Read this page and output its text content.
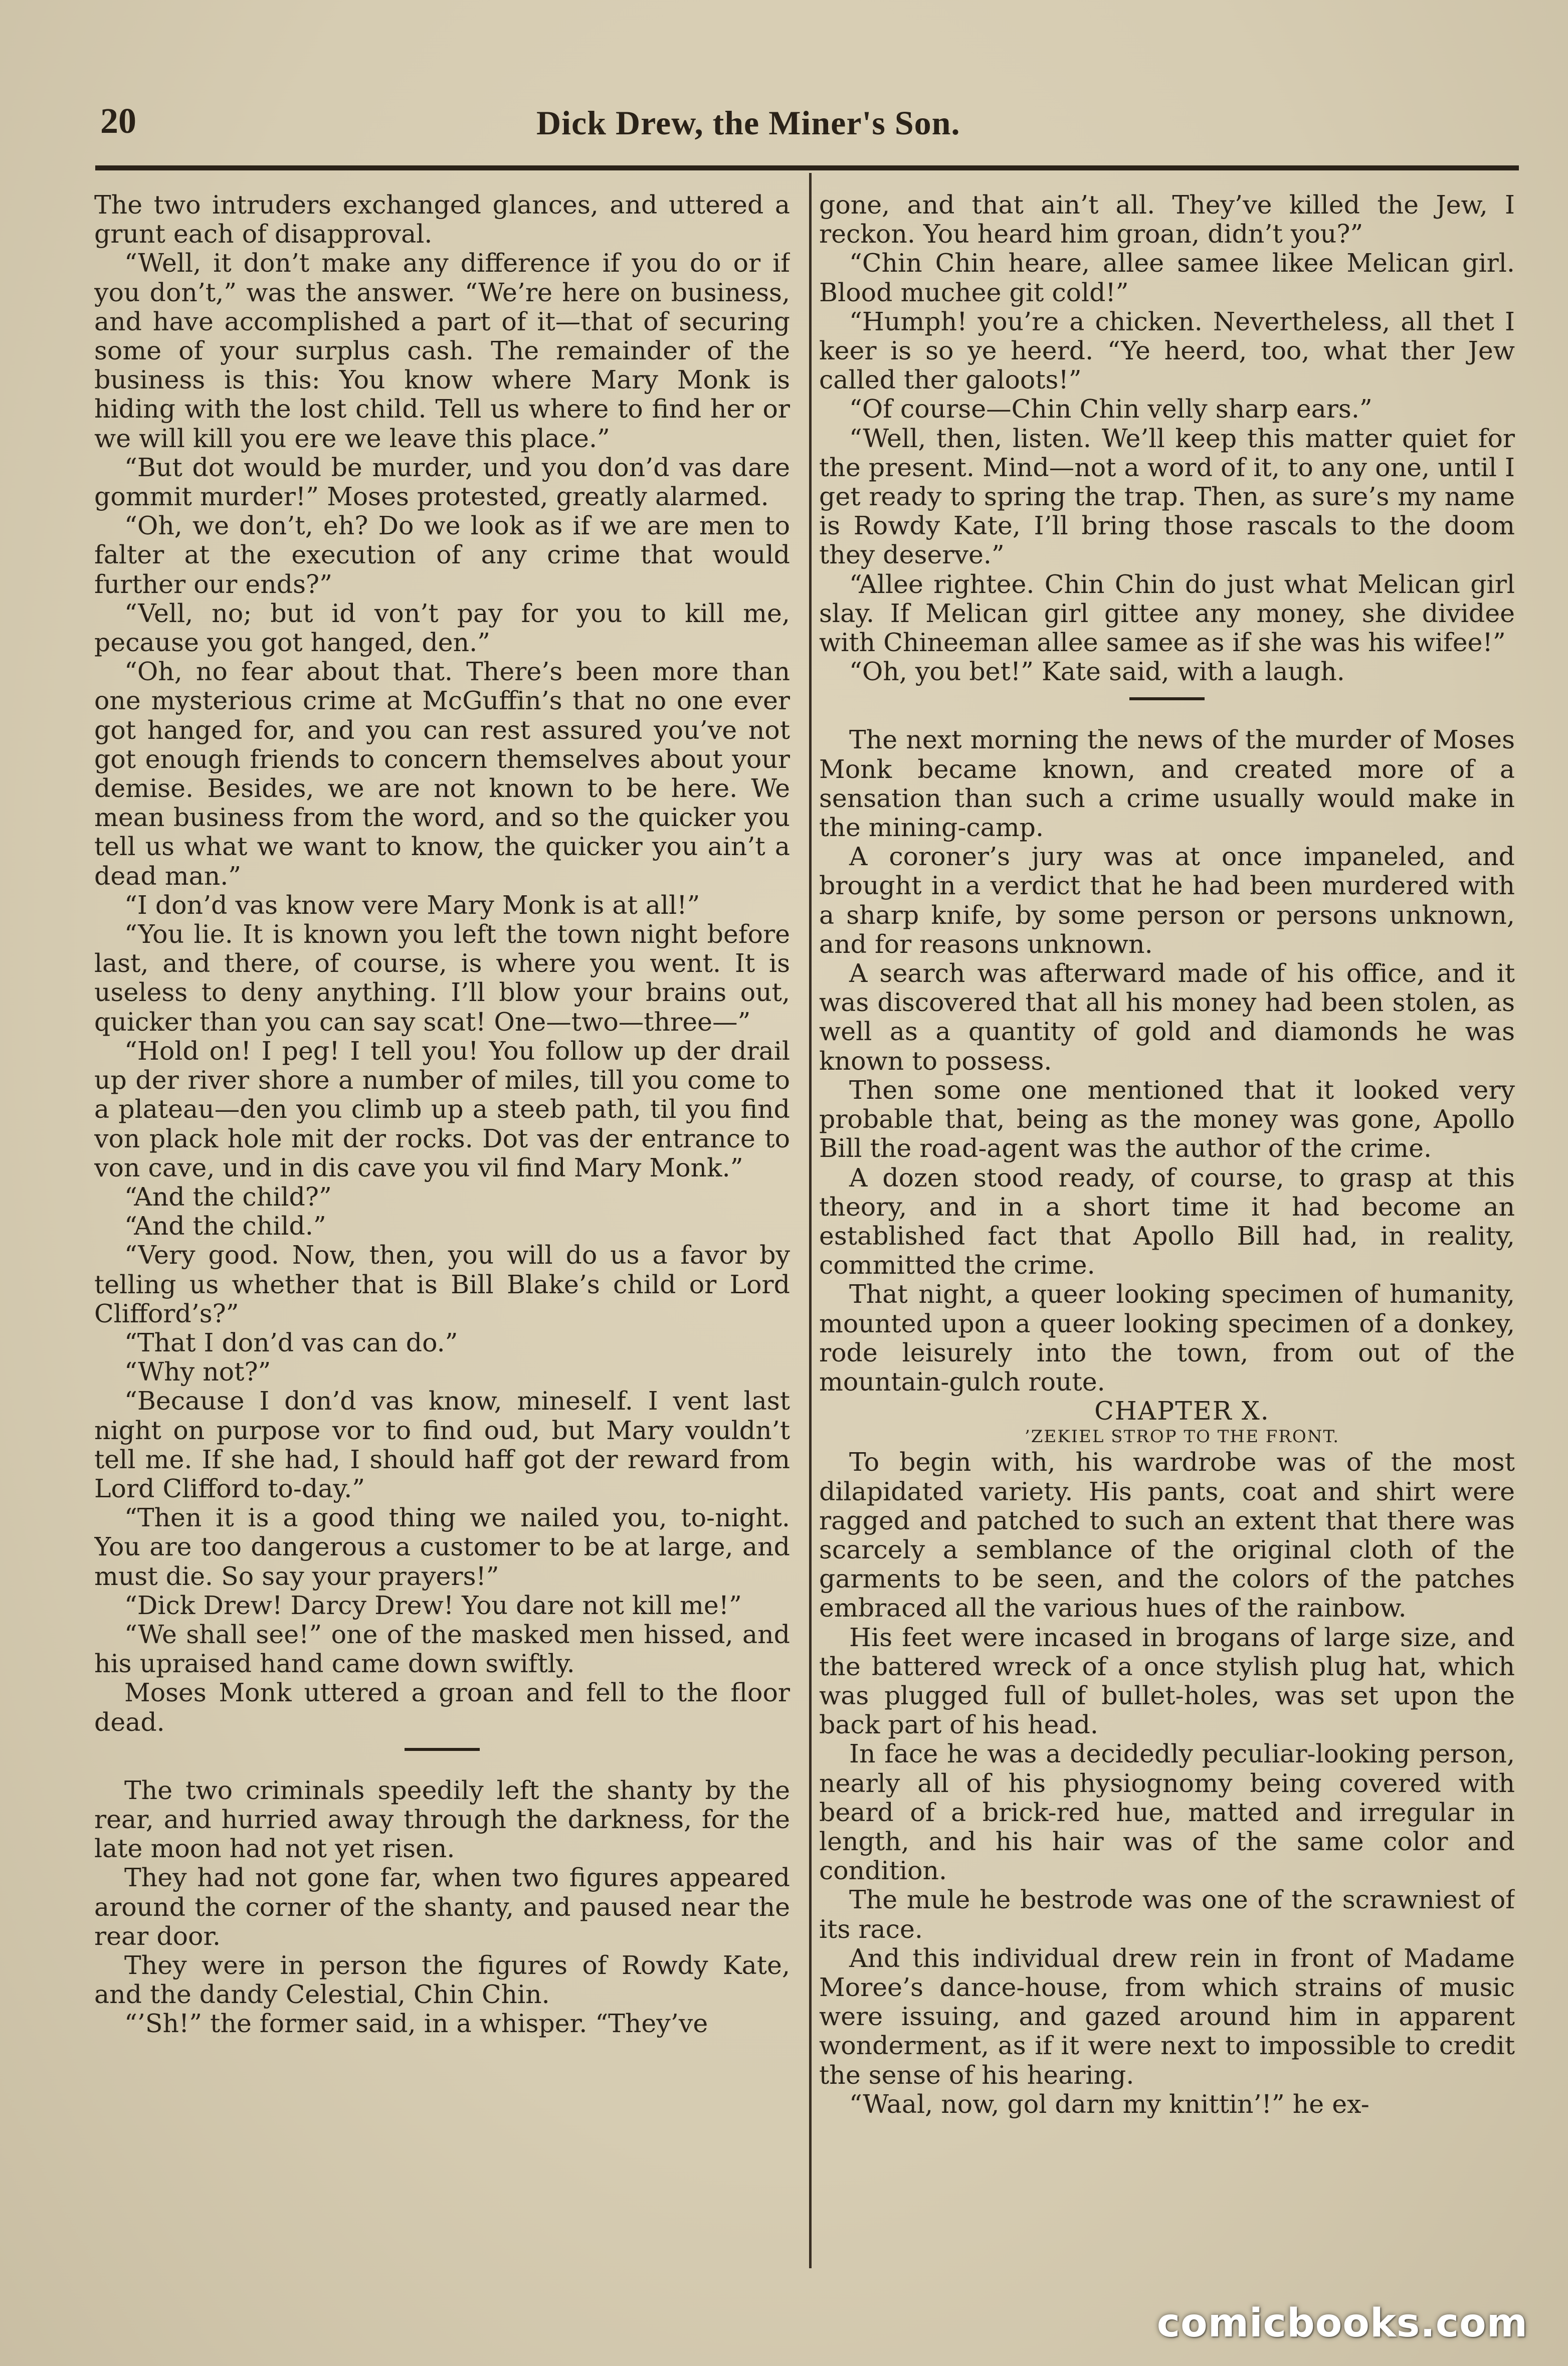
20	Dick Drew, the Miner's Son.

The two intruders exchanged glances, and uttered a grunt each of disapproval.

“Well, it don’t make any difference if you do or if you don’t,” was the answer. “We’re here on business, and have accomplished a part of it—that of securing some of your surplus cash. The remainder of the business is this: You know where Mary Monk is hiding with the lost child. Tell us where to find her or we will kill you ere we leave this place.”

“But dot would be murder, und you don’d vas dare gommit murder!” Moses protested, greatly alarmed.

“Oh, we don’t, eh? Do we look as if we are men to falter at the execution of any crime that would further our ends?”

“Vell, no; but id von’t pay for you to kill me, pecause you got hanged, den.”

“Oh, no fear about that. There’s been more than one mysterious crime at McGuffin’s that no one ever got hanged for, and you can rest assured you’ve not got enough friends to concern themselves about your demise. Besides, we are not known to be here. We mean business from the word, and so the quicker you tell us what we want to know, the quicker you ain’t a dead man.”

“I don’d vas know vere Mary Monk is at all!”

“You lie. It is known you left the town night before last, and there, of course, is where you went. It is useless to deny anything. I’ll blow your brains out, quicker than you can say scat! One—two—three—”

“Hold on! I peg! I tell you! You follow up der drail up der river shore a number of miles, till you come to a plateau—den you climb up a steeb path, til you find von plack hole mit der rocks. Dot vas der entrance to von cave, und in dis cave you vil find Mary Monk.”

“And the child?”

“And the child.”

“Very good. Now, then, you will do us a favor by telling us whether that is Bill Blake’s child or Lord Clifford’s?”

“That I don’d vas can do.”

“Why not?”

“Because I don’d vas know, mineself. I vent last night on purpose vor to find oud, but Mary vouldn’t tell me. If she had, I should haff got der reward from Lord Clifford to-day.”

“Then it is a good thing we nailed you, to-night. You are too dangerous a customer to be at large, and must die. So say your prayers!”

“Dick Drew! Darcy Drew! You dare not kill me!”

“We shall see!” one of the masked men hissed, and his upraised hand came down swiftly.

Moses Monk uttered a groan and fell to the floor dead.

The two criminals speedily left the shanty by the rear, and hurried away through the darkness, for the late moon had not yet risen.

They had not gone far, when two figures appeared around the corner of the shanty, and paused near the rear door.

They were in person the figures of Rowdy Kate, and the dandy Celestial, Chin Chin.

“’Sh!” the former said, in a whisper. “They’ve

gone, and that ain’t all. They’ve killed the Jew, I reckon. You heard him groan, didn’t you?”

“Chin Chin heare, allee samee likee Melican girl. Blood muchee git cold!”

“Humph! you’re a chicken. Nevertheless, all thet I keer is so ye heerd. “Ye heerd, too, what ther Jew called ther galoots!”

“Of course—Chin Chin velly sharp ears.”

“Well, then, listen. We’ll keep this matter quiet for the present. Mind—not a word of it, to any one, until I get ready to spring the trap. Then, as sure’s my name is Rowdy Kate, I’ll bring those rascals to the doom they deserve.”

“Allee rightee. Chin Chin do just what Melican girl slay. If Melican girl gittee any money, she dividee with Chineeman allee samee as if she was his wifee!”

“Oh, you bet!” Kate said, with a laugh.

The next morning the news of the murder of Moses Monk became known, and created more of a sensation than such a crime usually would make in the mining-camp.

A coroner’s jury was at once impaneled, and brought in a verdict that he had been murdered with a sharp knife, by some person or persons unknown, and for reasons unknown.

A search was afterward made of his office, and it was discovered that all his money had been stolen, as well as a quantity of gold and diamonds he was known to possess.

Then some one mentioned that it looked very probable that, being as the money was gone, Apollo Bill the road-agent was the author of the crime.

A dozen stood ready, of course, to grasp at this theory, and in a short time it had become an established fact that Apollo Bill had, in reality, committed the crime.

That night, a queer looking specimen of humanity, mounted upon a queer looking specimen of a donkey, rode leisurely into the town, from out of the mountain-gulch route.

CHAPTER X.

’ZEKIEL STROP TO THE FRONT.

To begin with, his wardrobe was of the most dilapidated variety. His pants, coat and shirt were ragged and patched to such an extent that there was scarcely a semblance of the original cloth of the garments to be seen, and the colors of the patches embraced all the various hues of the rainbow.

His feet were incased in brogans of large size, and the battered wreck of a once stylish plug hat, which was plugged full of bullet-holes, was set upon the back part of his head.

In face he was a decidedly peculiar-looking person, nearly all of his physiognomy being covered with beard of a brick-red hue, matted and irregular in length, and his hair was of the same color and condition.

The mule he bestrode was one of the scrawniest of its race.

And this individual drew rein in front of Madame Moree’s dance-house, from which strains of music were issuing, and gazed around him in apparent wonderment, as if it were next to impossible to credit the sense of his hearing.

“Waal, now, gol darn my knittin’!” he ex-

comicbooks.com
